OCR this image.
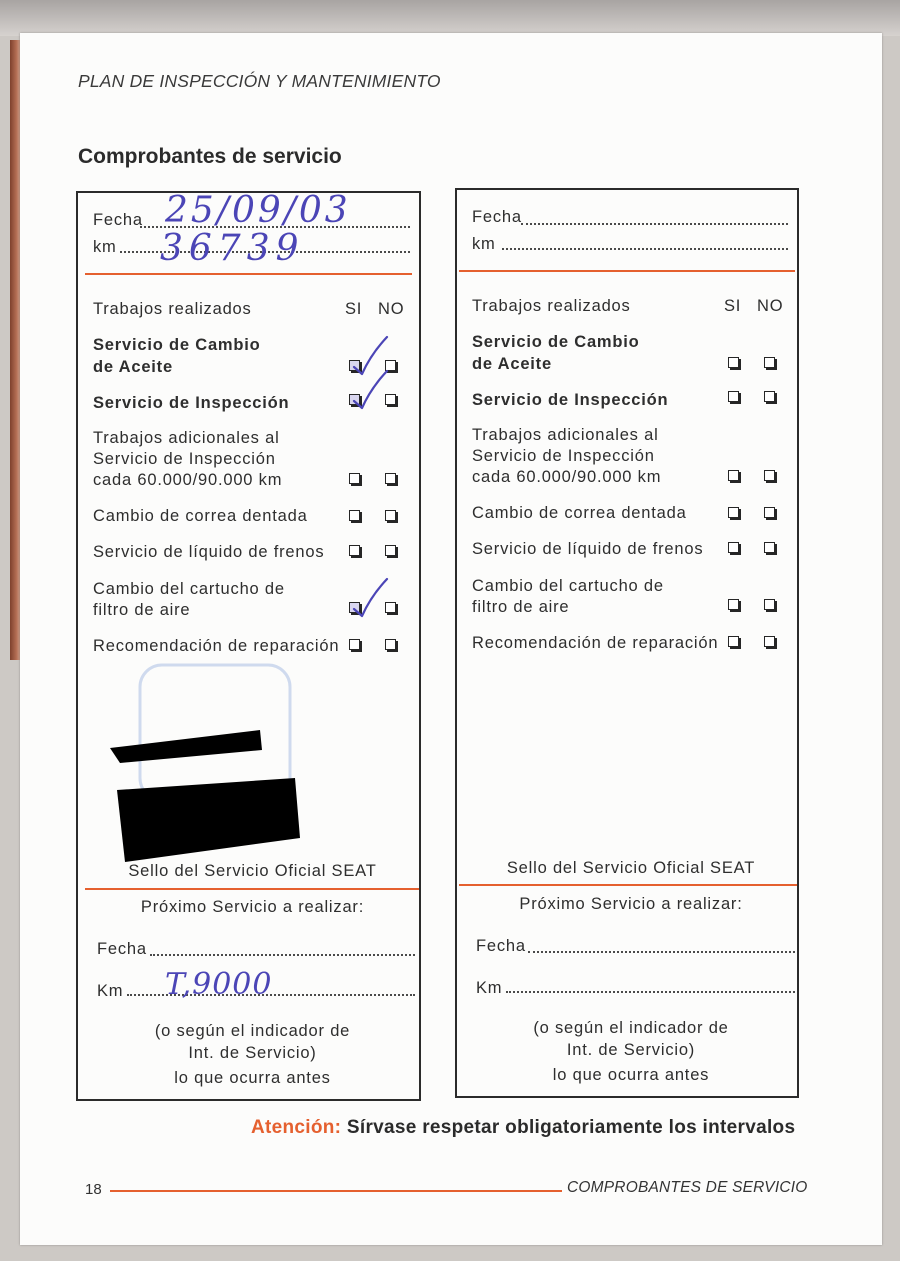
PLAN DE INSPECCIÓN Y MANTENIMIENTO
Comprobantes de servicio
Fecha 25/09/03
km 36739
Trabajos realizados	SI NO
Servicio de Cambio
de Aceite
Servicio de Inspección
Trabajos adicionales al
Servicio de Inspección
cada 60.000/90.000 km
Cambio de correa dentada
Servicio de líquido de frenos
Cambio del cartucho de
filtro de aire
Recomendación de reparación
Sello del Servicio Oficial SEAT
Próximo Servicio a realizar:
Fecha
Km T,9000
(o según el indicador de
Int. de Servicio)
lo que ocurra antes
Fecha
km
Trabajos realizados	SI NO
Servicio de Cambio
de Aceite
Servicio de Inspección
Trabajos adicionales al
Servicio de Inspección
cada 60.000/90.000 km
Cambio de correa dentada
Servicio de líquido de frenos
Cambio del cartucho de
filtro de aire
Recomendación de reparación
Sello del Servicio Oficial SEAT
Próximo Servicio a realizar:
Fecha
Km
(o según el indicador de
Int. de Servicio)
lo que ocurra antes
Atención: Sírvase respetar obligatoriamente los intervalos
18	COMPROBANTES DE SERVICIO
